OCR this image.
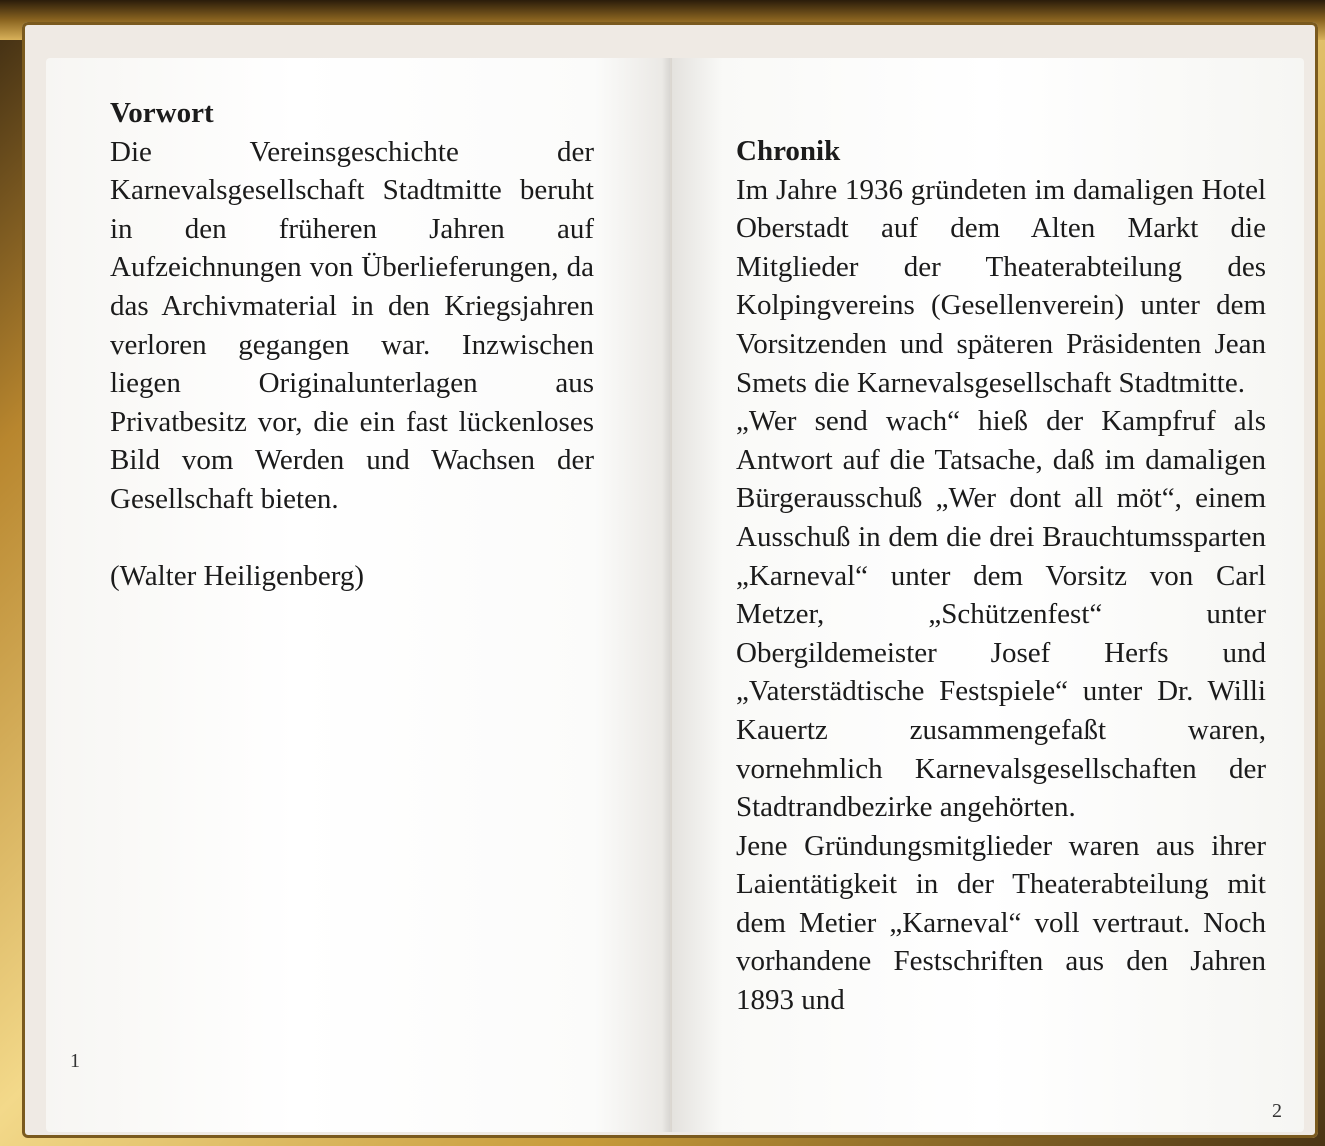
Vorwort

Die Vereinsgeschichte der Karnevalsgesellschaft Stadtmitte beruht in den früheren Jahren auf Aufzeichnungen von Überlieferungen, da das Archivmaterial in den Kriegsjahren verloren gegangen war. Inzwischen liegen Originalunterlagen aus Privatbesitz vor, die ein fast lückenloses Bild vom Werden und Wachsen der Gesellschaft bieten.

(Walter Heiligenberg)

1

Chronik

Im Jahre 1936 gründeten im damaligen Hotel Oberstadt auf dem Alten Markt die Mitglieder der Theaterabteilung des Kolpingvereins (Gesellenverein) unter dem Vorsitzenden und späteren Präsidenten Jean Smets die Karnevalsgesellschaft Stadtmitte.

„Wer send wach“ hieß der Kampfruf als Antwort auf die Tatsache, daß im damaligen Bürgerausschuß „Wer dont all möt“, einem Ausschuß in dem die drei Brauchtumssparten „Karneval“ unter dem Vorsitz von Carl Metzer, „Schützenfest“ unter Obergildemeister Josef Herfs und „Vaterstädtische Festspiele“ unter Dr. Willi Kauertz zusammengefaßt waren, vornehmlich Karnevalsgesellschaften der Stadtrandbezirke angehörten.

Jene Gründungsmitglieder waren aus ihrer Laientätigkeit in der Theaterabteilung mit dem Metier „Karneval“ voll vertraut. Noch vorhandene Festschriften aus den Jahren 1893 und

2
